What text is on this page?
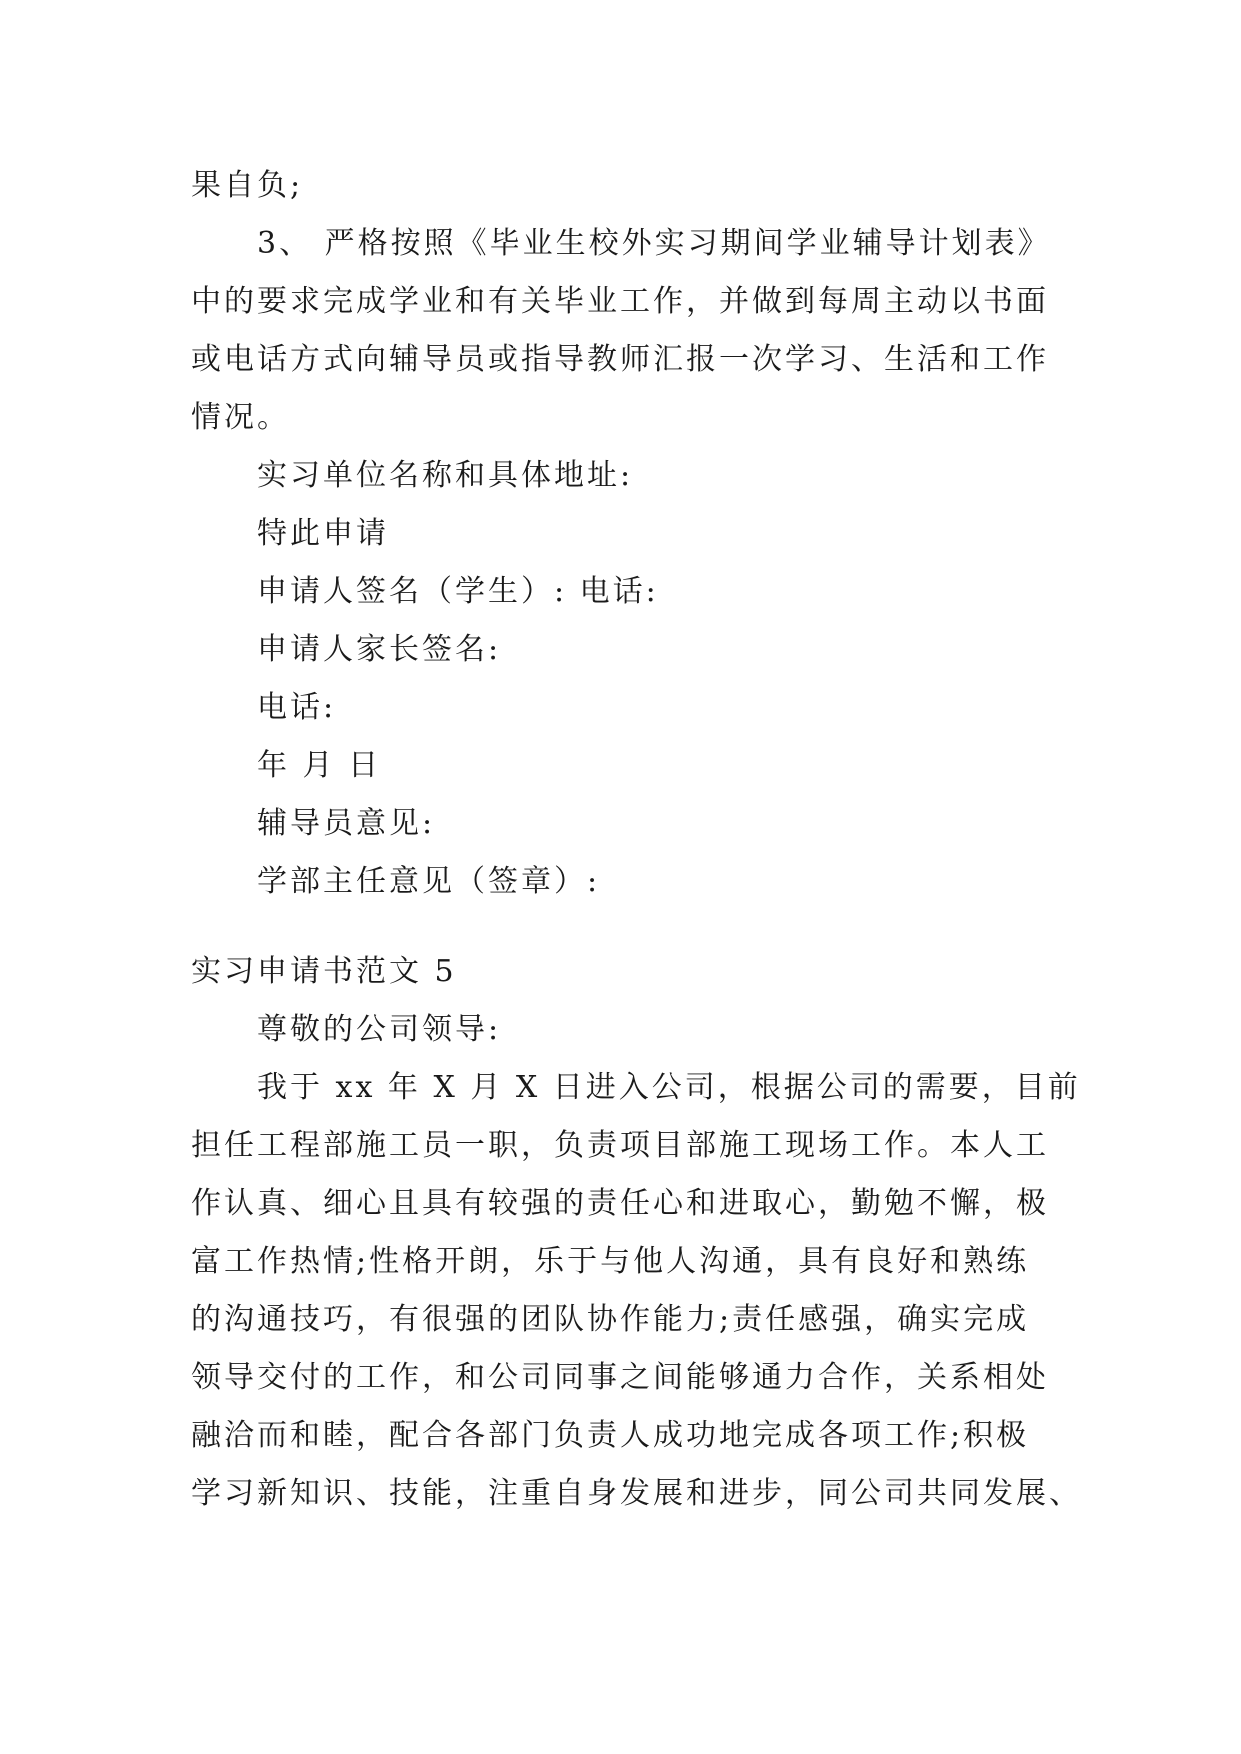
果自负;
3、 严格按照《毕业生校外实习期间学业辅导计划表》
中的要求完成学业和有关毕业工作，并做到每周主动以书面
或电话方式向辅导员或指导教师汇报一次学习、生活和工作
情况。
实习单位名称和具体地址:
特此申请
申请人签名（学生）: 电话:
申请人家长签名:
电话:
年 月 日
辅导员意见:
学部主任意见（签章）:
实习申请书范文 5
尊敬的公司领导:
我于 xx 年 X 月 X 日进入公司，根据公司的需要，目前
担任工程部施工员一职，负责项目部施工现场工作。本人工
作认真、细心且具有较强的责任心和进取心，勤勉不懈，极
富工作热情;性格开朗，乐于与他人沟通，具有良好和熟练
的沟通技巧，有很强的团队协作能力;责任感强，确实完成
领导交付的工作，和公司同事之间能够通力合作，关系相处
融洽而和睦，配合各部门负责人成功地完成各项工作;积极
学习新知识、技能，注重自身发展和进步，同公司共同发展、
